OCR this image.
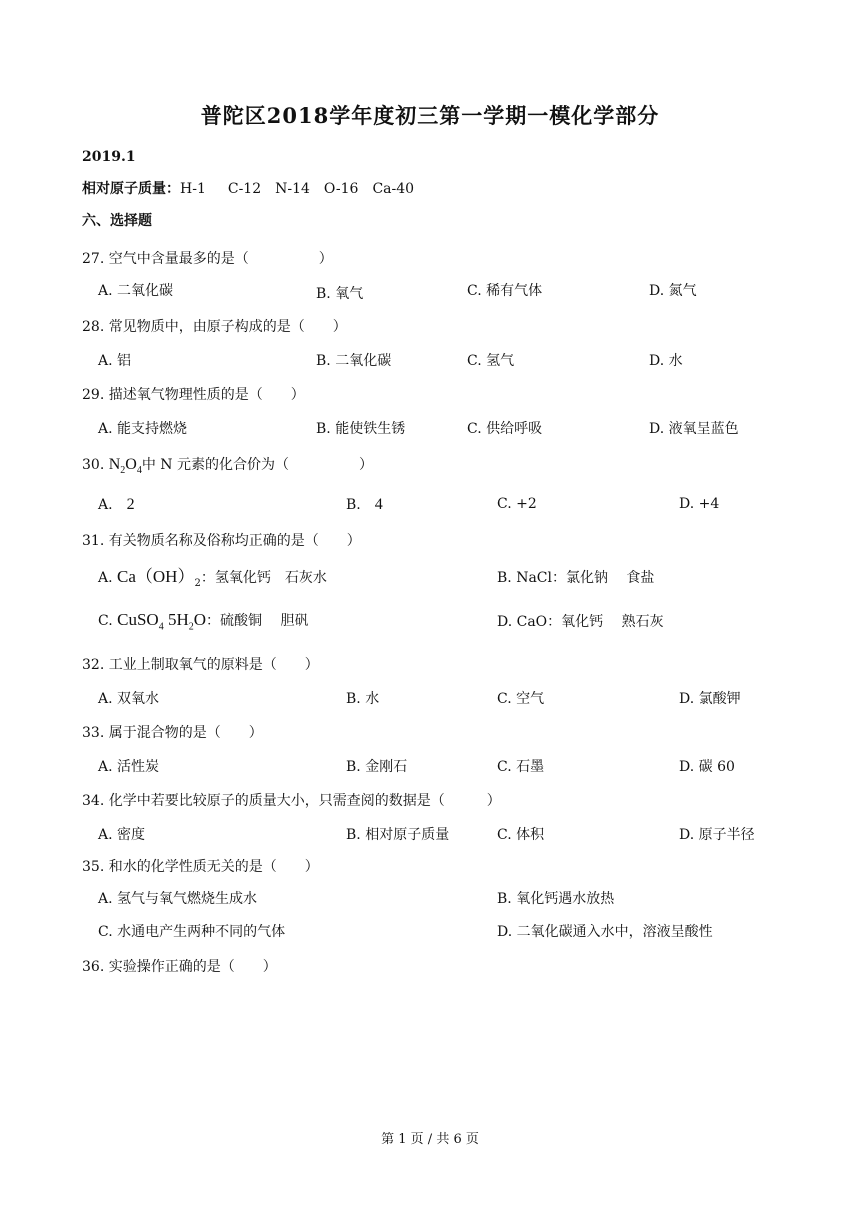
普陀区2018学年度初三第一学期一模化学部分
2019.1
相对原子质量：H-1 C-12 N-14 O-16 Ca-40
六、选择题
27. 空气中含量最多的是（　　　　　）
A. 二氧化碳	B. 氧气	C. 稀有气体	D. 氮气
28. 常见物质中，由原子构成的是（　　）
A. 铝	B. 二氧化碳	C. 氢气	D. 水
29. 描述氧气物理性质的是（　　）
A. 能支持燃烧	B. 能使铁生锈	C. 供给呼吸	D. 液氧呈蓝色
30. $N_2O_4$中 N 元素的化合价为（　　　　　）
A. 2	B. 4	C. +2	D. +4
31. 有关物质名称及俗称均正确的是（　　）
A. $Ca(OH)_2$：氢氧化钙　石灰水	B. NaCl：氯化钠　 食盐
C. CuSO$_4$ $5H_2O$：硫酸铜　 胆矾	D. CaO：氧化钙　 熟石灰
32. 工业上制取氧气的原料是（　　）
A. 双氧水	B. 水	C. 空气	D. 氯酸钾
33. 属于混合物的是（　　）
A. 活性炭	B. 金刚石	C. 石墨	D. 碳 60
34. 化学中若要比较原子的质量大小，只需查阅的数据是（　　　）
A. 密度	B. 相对原子质量	C. 体积	D. 原子半径
35. 和水的化学性质无关的是（　　）
A. 氢气与氧气燃烧生成水	B. 氧化钙遇水放热
C. 水通电产生两种不同的气体	D. 二氧化碳通入水中，溶液呈酸性
36. 实验操作正确的是（　　）
第 1 页 / 共 6 页
